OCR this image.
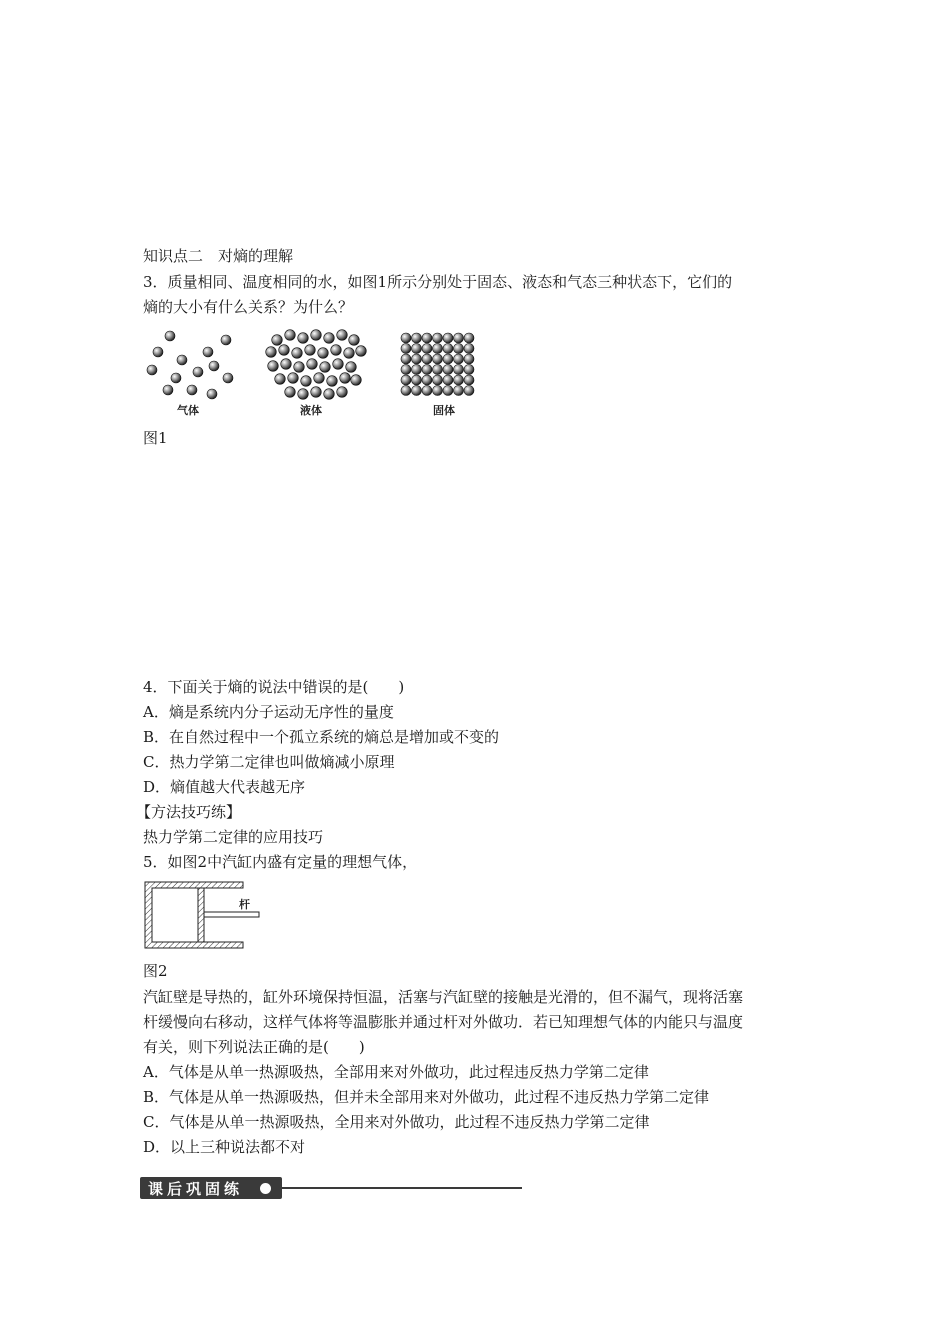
知识点二　对熵的理解
3．质量相同、温度相同的水，如图1所示分别处于固态、液态和气态三种状态下，它们的
熵的大小有什么关系？为什么？
气体	液体	固体
图1
4．下面关于熵的说法中错误的是(　　)
A．熵是系统内分子运动无序性的量度
B．在自然过程中一个孤立系统的熵总是增加或不变的
C．热力学第二定律也叫做熵减小原理
D．熵值越大代表越无序
【方法技巧练】
热力学第二定律的应用技巧
5．如图2中汽缸内盛有定量的理想气体，
杆
图2
汽缸壁是导热的，缸外环境保持恒温，活塞与汽缸壁的接触是光滑的，但不漏气，现将活塞
杆缓慢向右移动，这样气体将等温膨胀并通过杆对外做功．若已知理想气体的内能只与温度
有关，则下列说法正确的是(　　)
A．气体是从单一热源吸热，全部用来对外做功，此过程违反热力学第二定律
B．气体是从单一热源吸热，但并未全部用来对外做功，此过程不违反热力学第二定律
C．气体是从单一热源吸热，全用来对外做功，此过程不违反热力学第二定律
D．以上三种说法都不对
课后巩固练
